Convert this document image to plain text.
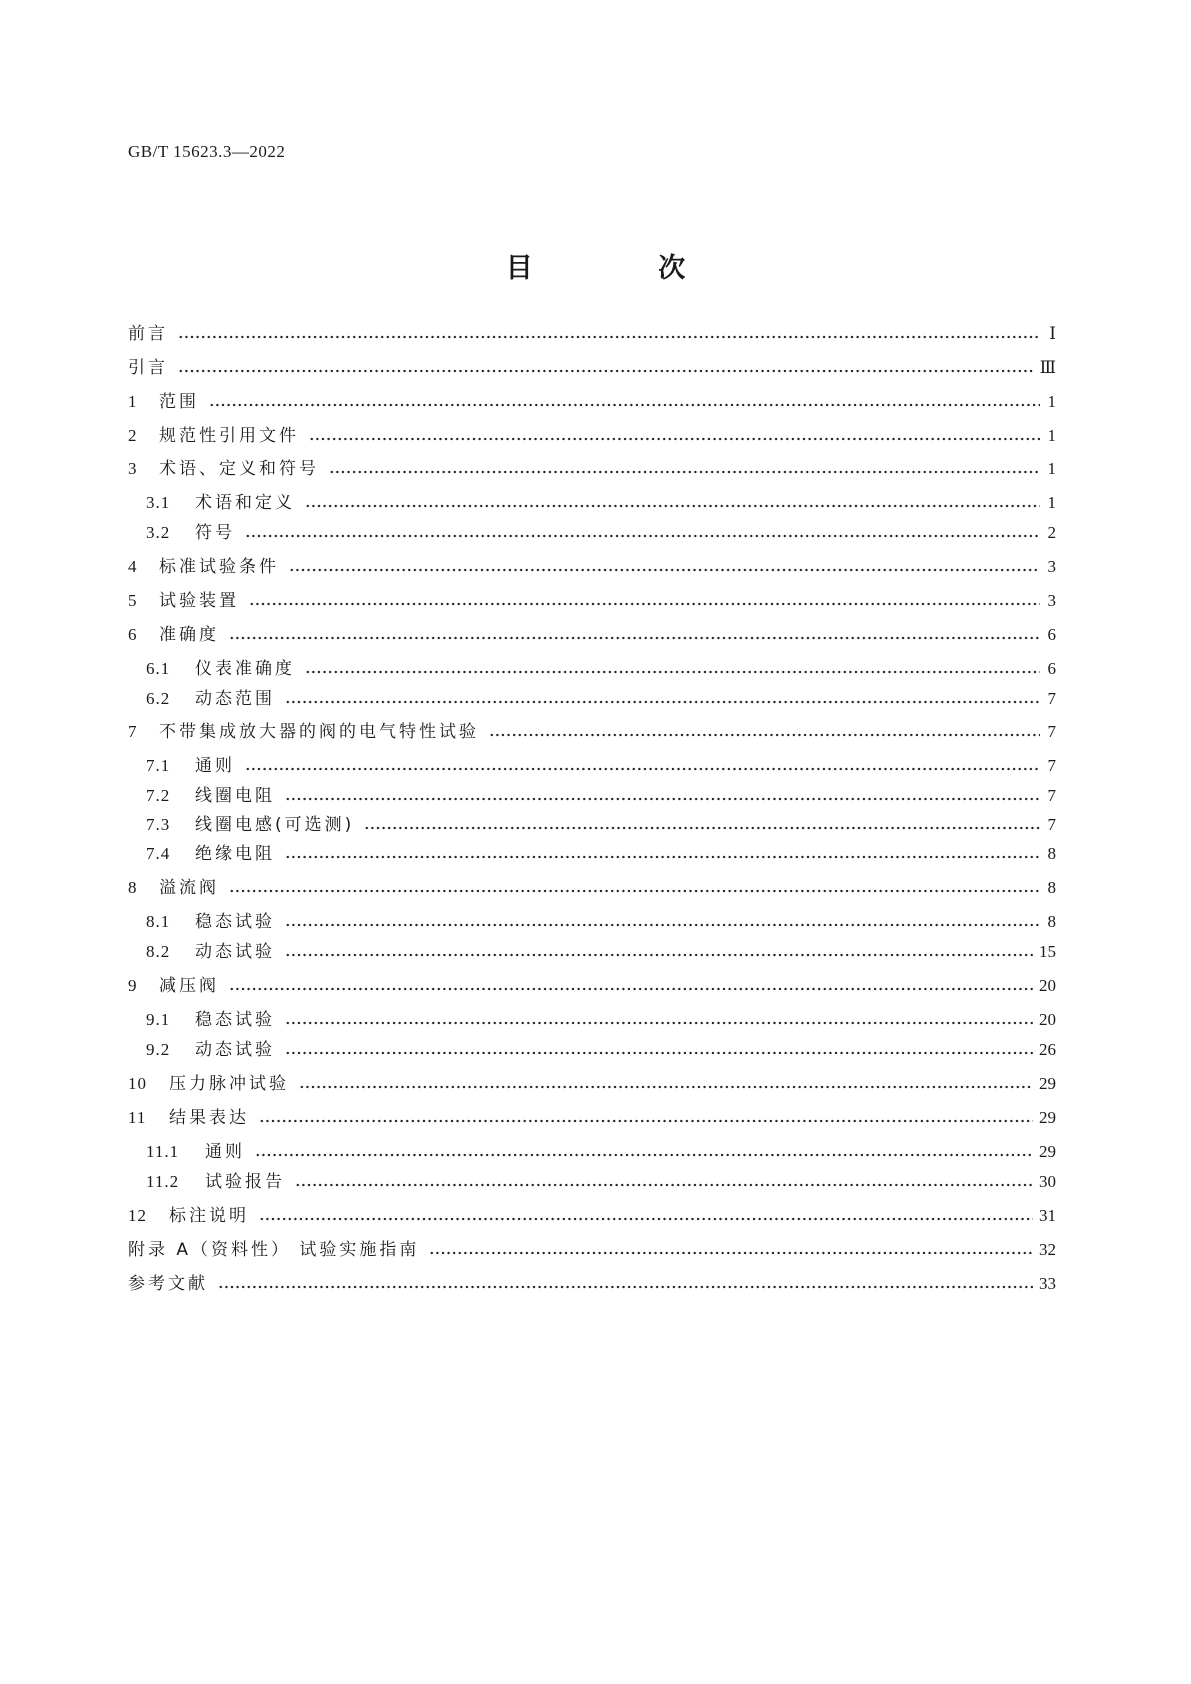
GB/T 15623.3—2022
目 次
前言	Ⅰ
引言	Ⅲ
1	范围	1
2	规范性引用文件	1
3	术语、定义和符号	1
3.1	术语和定义	1
3.2	符号	2
4	标准试验条件	3
5	试验装置	3
6	准确度	6
6.1	仪表准确度	6
6.2	动态范围	7
7	不带集成放大器的阀的电气特性试验	7
7.1	通则	7
7.2	线圈电阻	7
7.3	线圈电感(可选测)	7
7.4	绝缘电阻	8
8	溢流阀	8
8.1	稳态试验	8
8.2	动态试验	15
9	减压阀	20
9.1	稳态试验	20
9.2	动态试验	26
10	压力脉冲试验	29
11	结果表达	29
11.1	通则	29
11.2	试验报告	30
12	标注说明	31
附录 A（资料性） 试验实施指南	32
参考文献	33
